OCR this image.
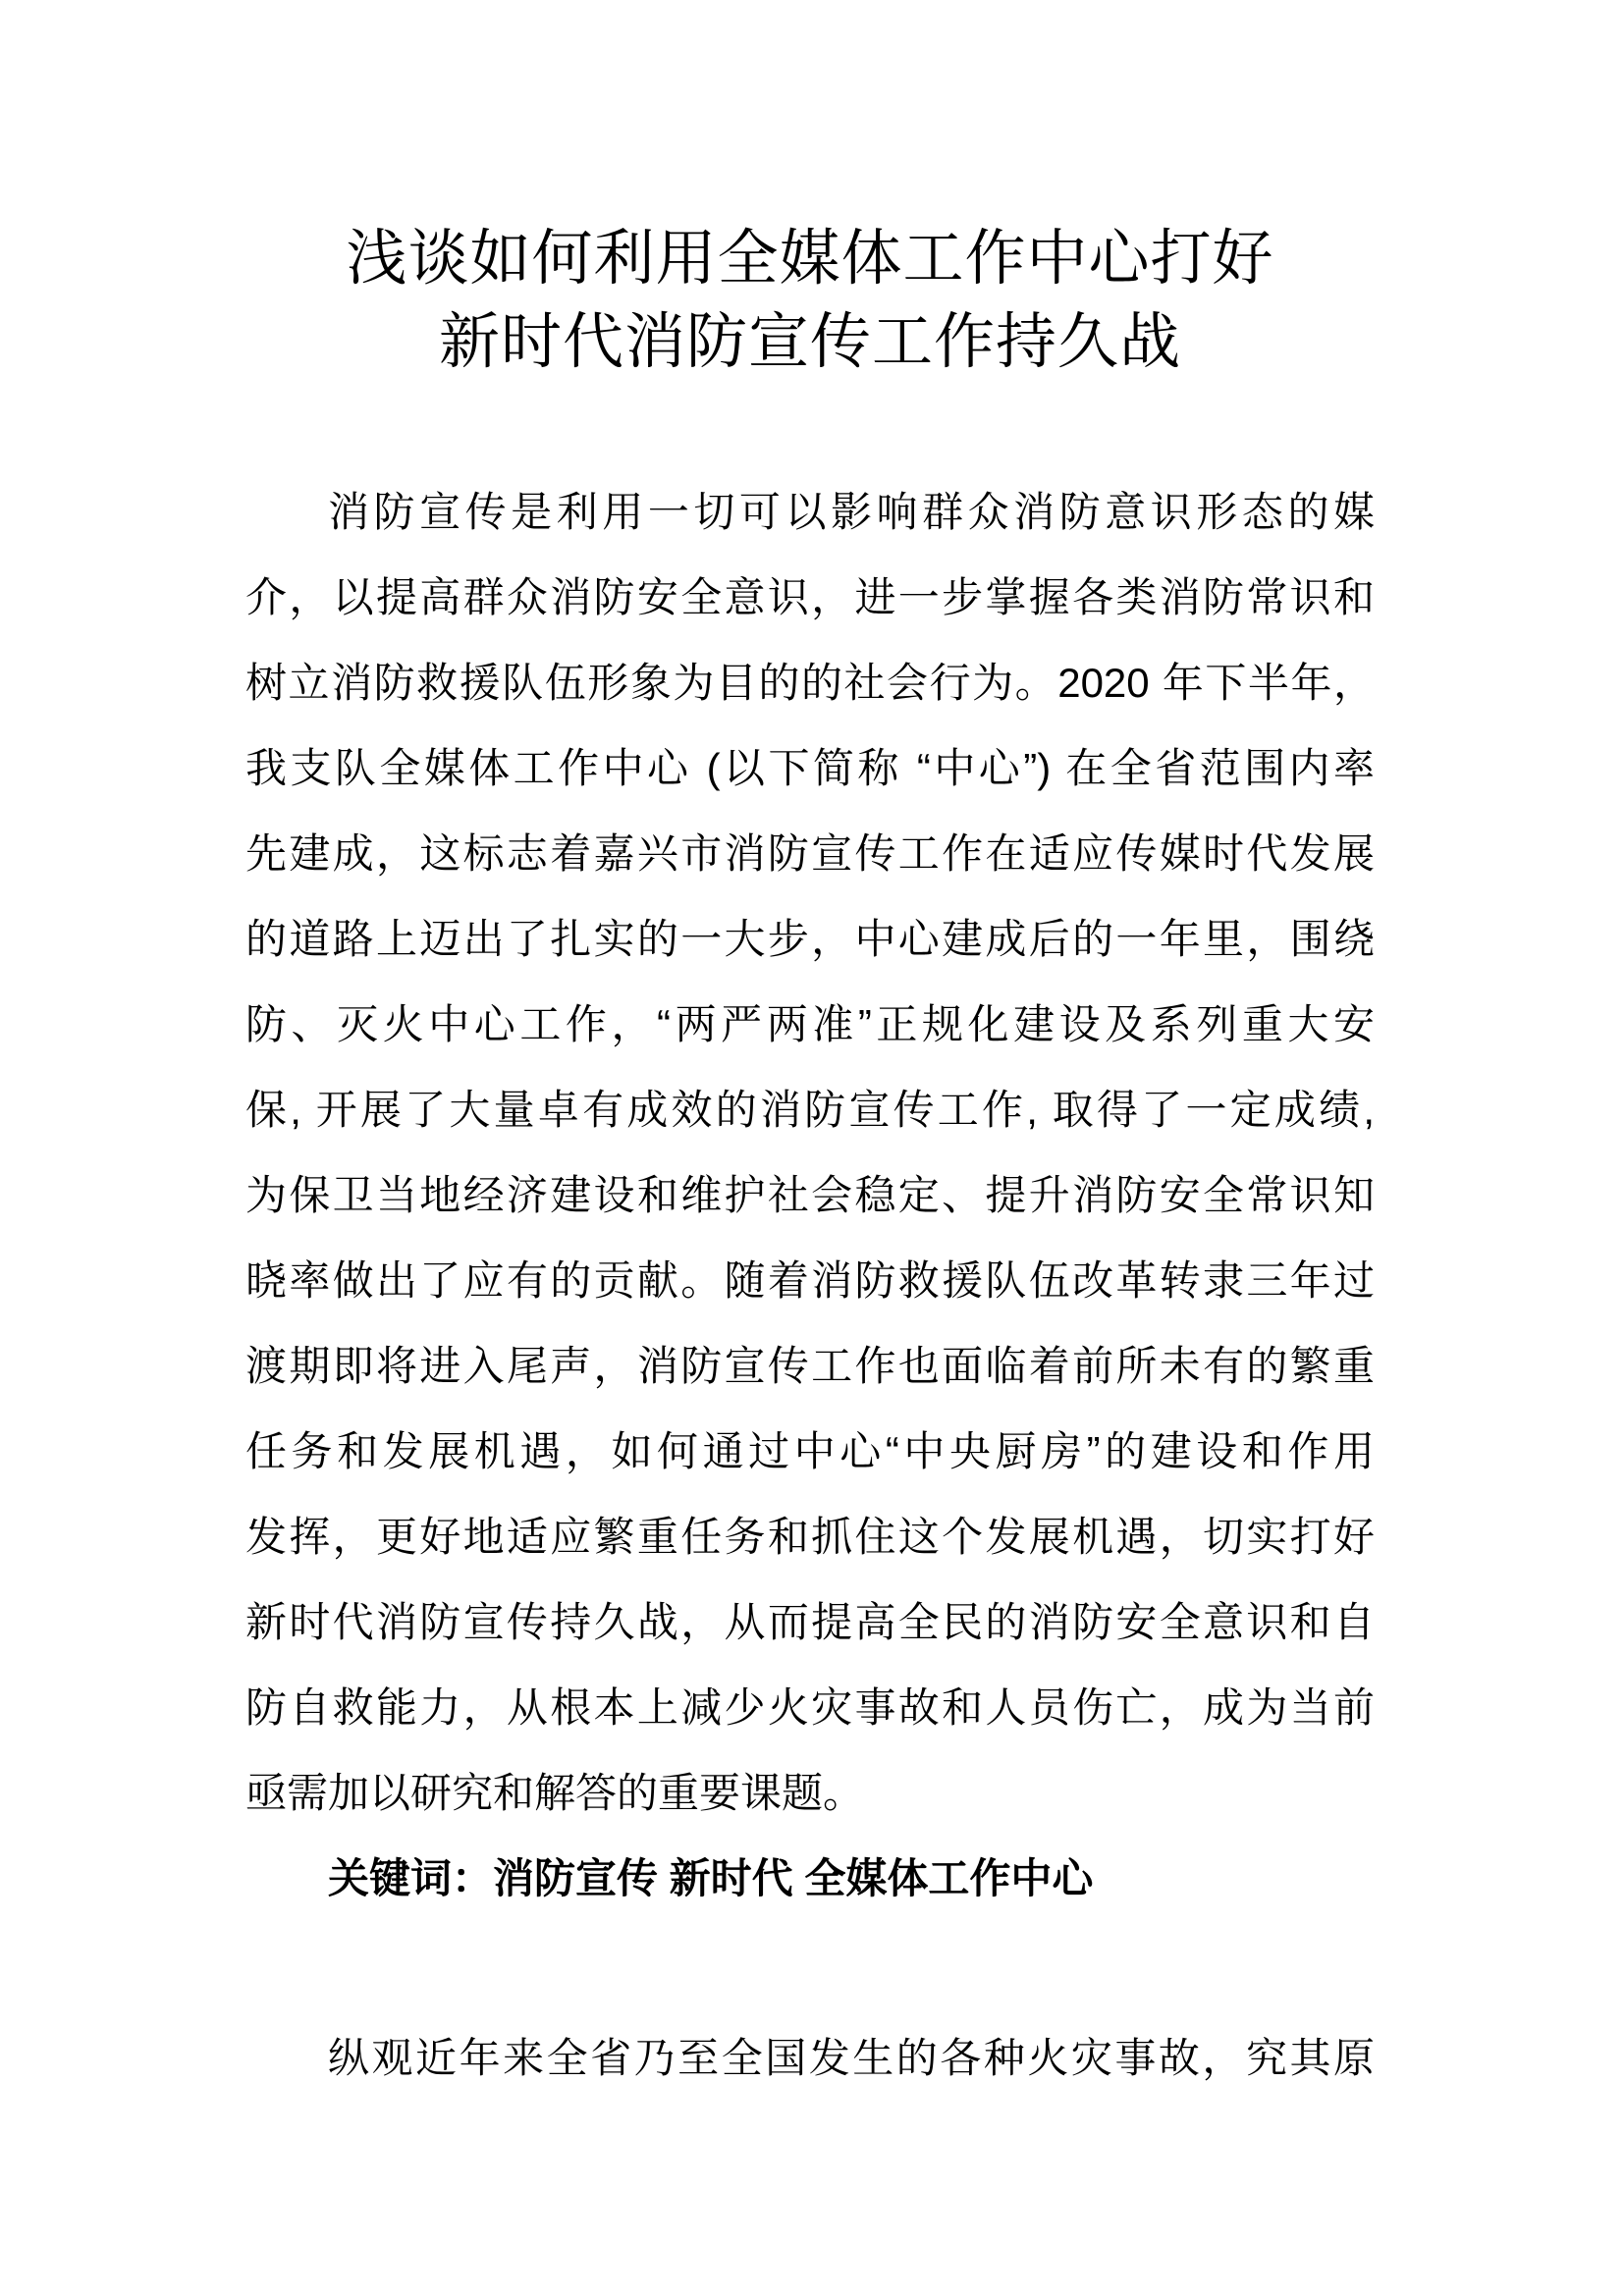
浅谈如何利用全媒体工作中心打好
新时代消防宣传工作持久战
消防宣传是利用一切可以影响群众消防意识形态的媒
介，以提高群众消防安全意识，进一步掌握各类消防常识和
树立消防救援队伍形象为目的的社会行为。2020 年下半年，
我支队全媒体工作中心 (以下简称 “中心”) 在全省范围内率
先建成，这标志着嘉兴市消防宣传工作在适应传媒时代发展
的道路上迈出了扎实的一大步，中心建成后的一年里，围绕
防、灭火中心工作，“两严两准”正规化建设及系列重大安
保, 开展了大量卓有成效的消防宣传工作, 取得了一定成绩,
为保卫当地经济建设和维护社会稳定、提升消防安全常识知
晓率做出了应有的贡献。随着消防救援队伍改革转隶三年过
渡期即将进入尾声，消防宣传工作也面临着前所未有的繁重
任务和发展机遇，如何通过中心“中央厨房”的建设和作用
发挥，更好地适应繁重任务和抓住这个发展机遇，切实打好
新时代消防宣传持久战，从而提高全民的消防安全意识和自
防自救能力，从根本上减少火灾事故和人员伤亡，成为当前
亟需加以研究和解答的重要课题。
关键词：消防宣传 新时代 全媒体工作中心
纵观近年来全省乃至全国发生的各种火灾事故，究其原
